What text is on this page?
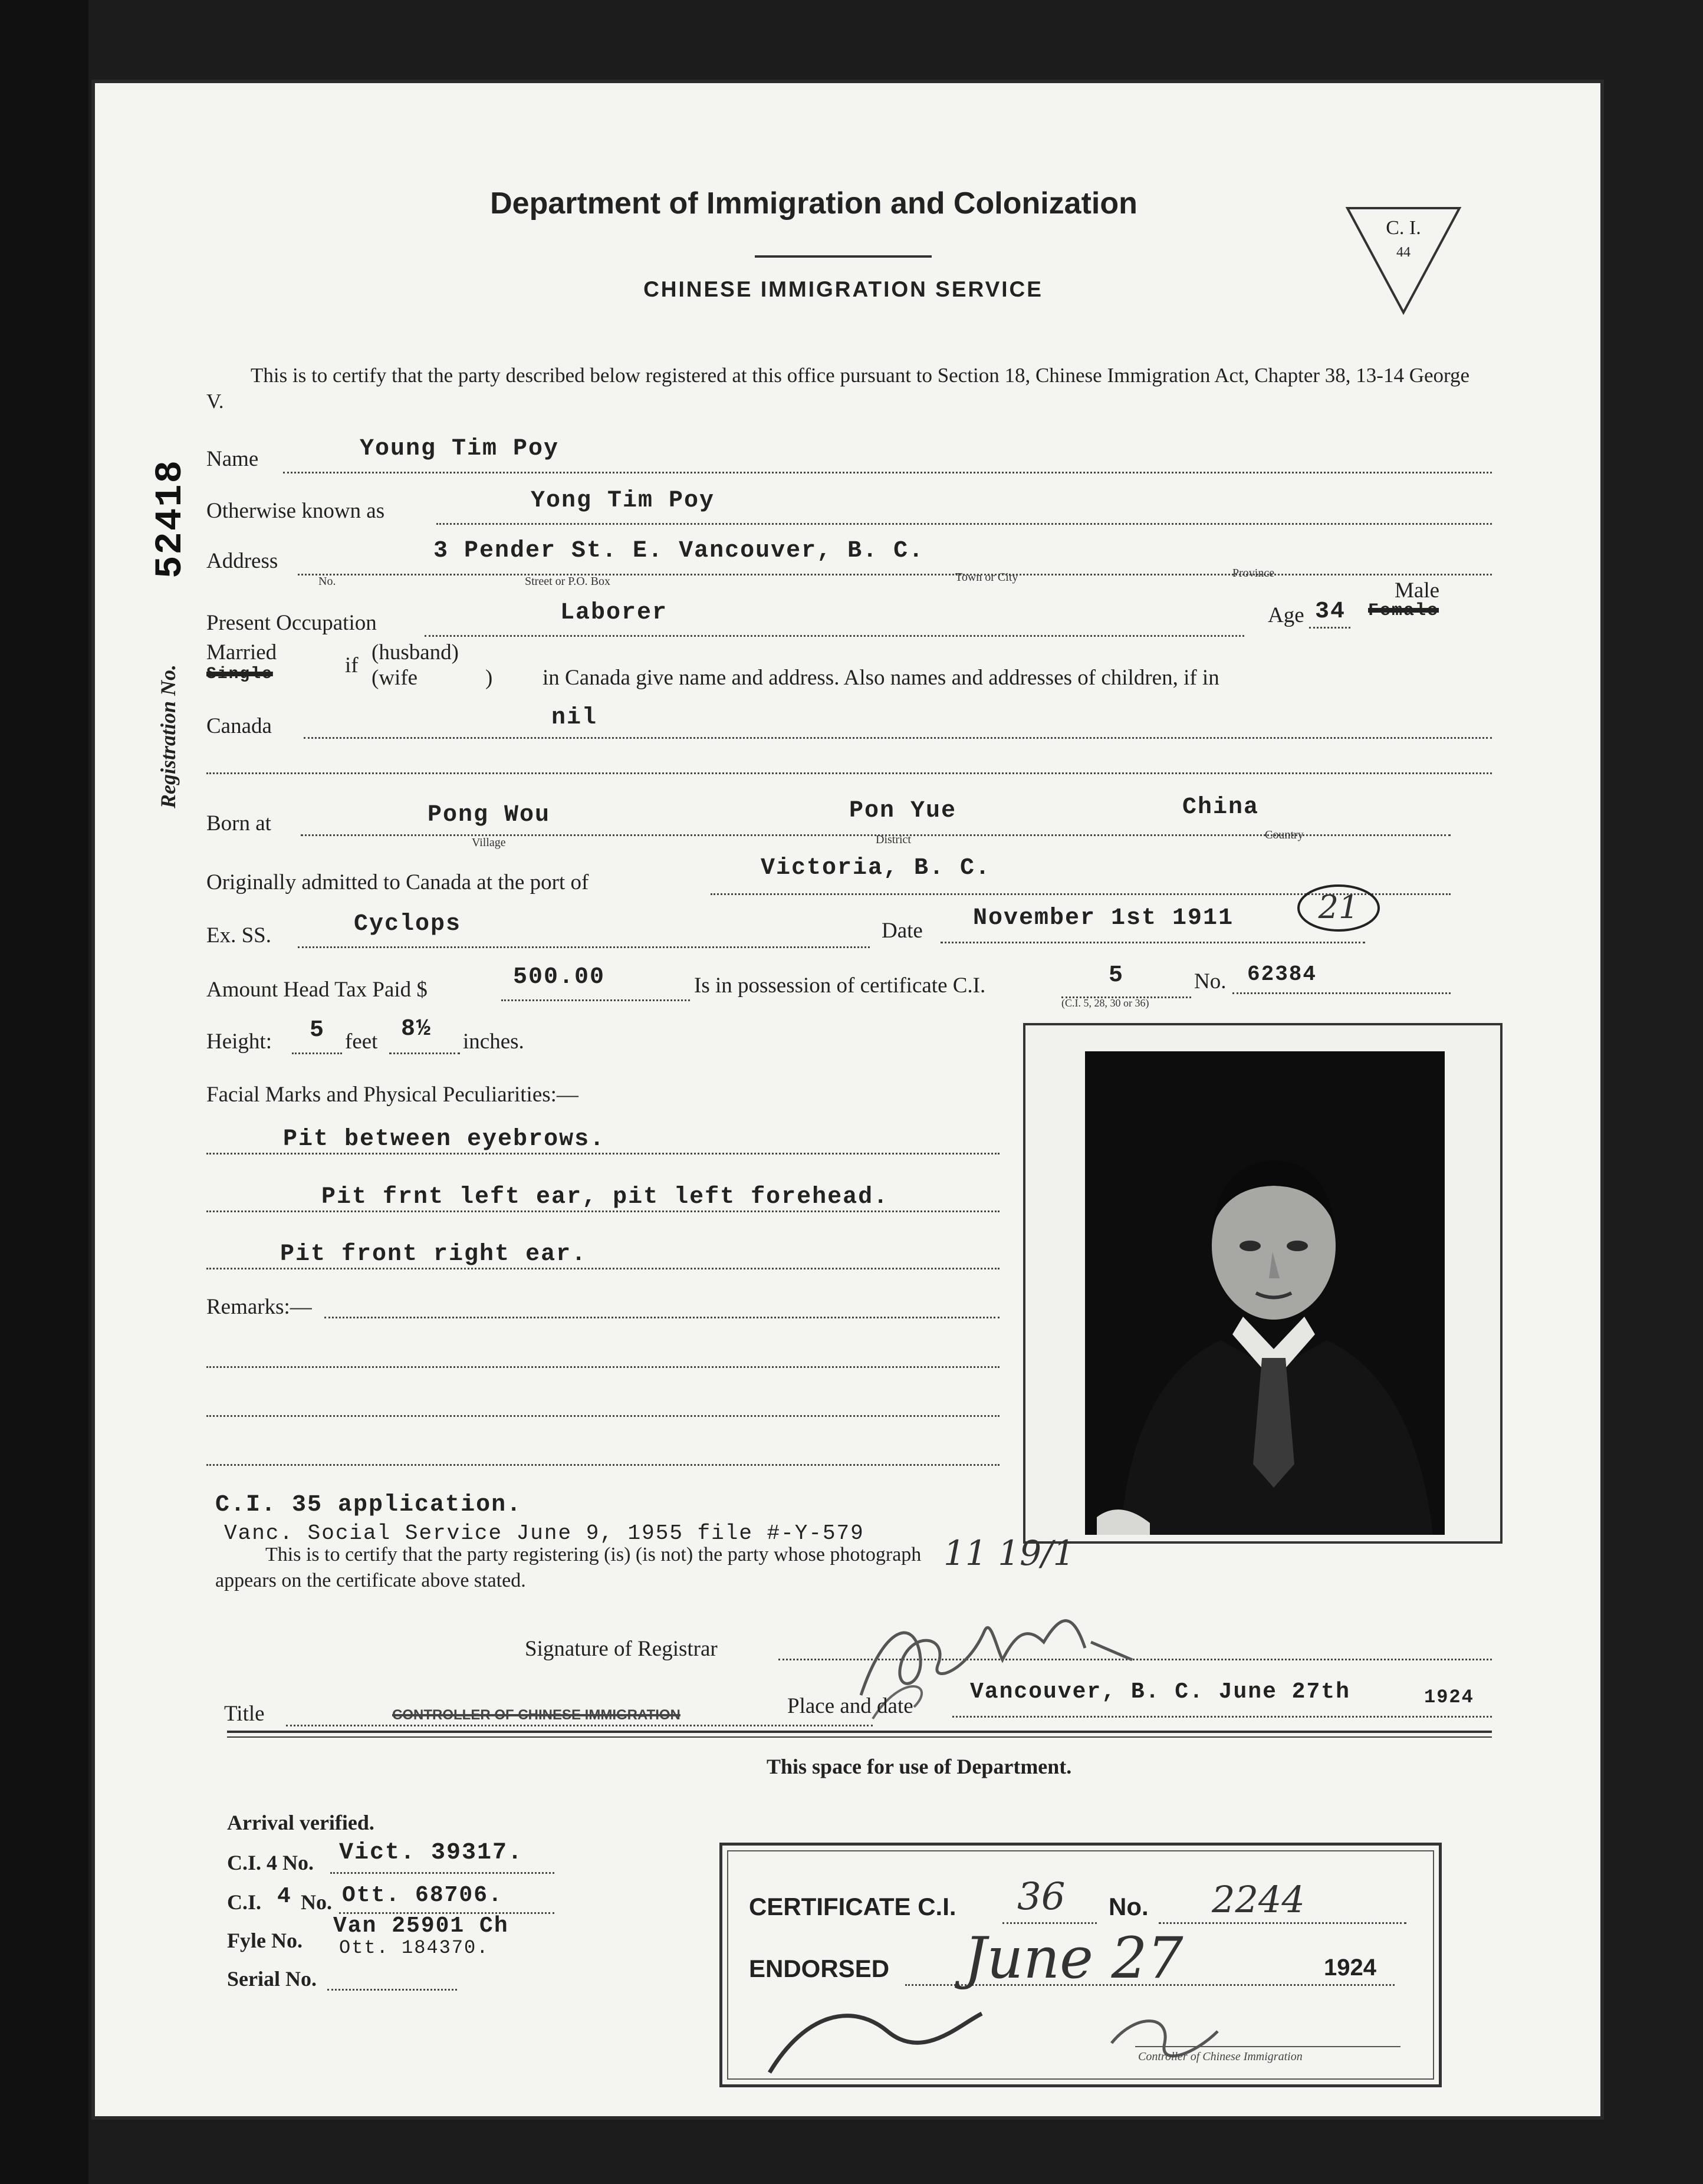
Department of Immigration and Colonization
CHINESE IMMIGRATION SERVICE
C. I.
44
Registration No.
52418
This is to certify that the party described below registered at this office pursuant to Section 18, Chinese Immigration Act, Chapter 38, 13-14 George V.
Name	Young Tim Poy
Otherwise known as	Yong Tim Poy
Address	3 Pender St. E. Vancouver, B. C.
No.	Street or P.O. Box	Town or City	Province
Present Occupation	Laborer	Age 34
Male
Female
Married
Single	if
(husband)
(wife	) in Canada give name and address. Also names and addresses of children, if in
Canada	nil
Born at	Pong Wou
Village
Pon Yue
District
China
Country
Originally admitted to Canada at the port of
Victoria, B. C.
Ex. SS.	Cyclops	Date November 1st 1911	21
Amount Head Tax Paid $	500.00	Is in possession of certificate C.I.	5
(C.I. 5, 28, 30 or 36)
No. 62384
Height: 5 feet 8½ inches.
Facial Marks and Physical Peculiarities:—
Pit between eyebrows.
Pit frnt left ear, pit left forehead.
Pit front right ear.
Remarks:—
C.I. 35 application.
Vanc. Social Service June 9, 1955 file #-Y-579
This is to certify that the party registering (is) (is not) the party whose photograph appears on the certificate above stated.
11 19/1
Signature of Registrar
Title	CONTROLLER OF CHINESE IMMIGRATION	Place and date
Vancouver, B. C. June 27th	1924
This space for use of Department.
Arrival verified.
C.I. 4 No. Vict. 39317.
C.I. 4 No. Ott. 68706.
Fyle No.
Van 25901 Ch
Ott. 184370.
Serial No.
CERTIFICATE C.I. 36 No. 2244
ENDORSED June 27	1924
Controller of Chinese Immigration
